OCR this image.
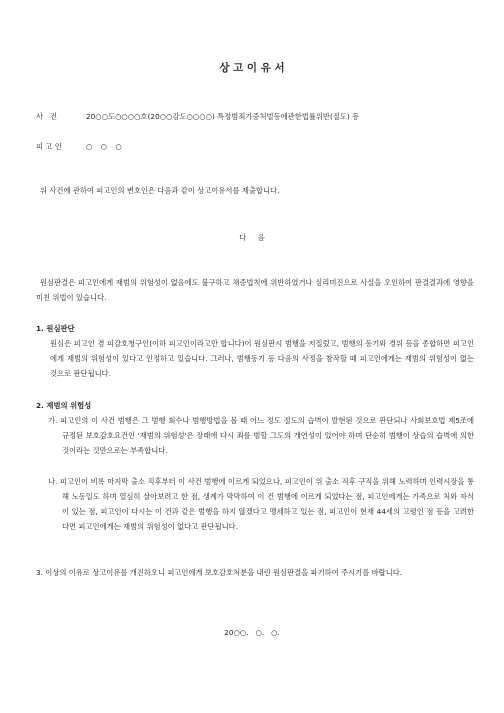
상 고 이 유 서
사   건	20○○도○○○○호(20○○감도○○○○) 특정범죄가중처벌등에관한법률위반(절도) 등
피 고 인	○ ○ ○
위 사건에 관하여 피고인의 변호인은 다음과 같이 상고이유서를 제출합니다.
다     음
원심판결은 피고인에게 재범의 위험성이 없음에도 불구하고 채증법칙에 위반하였거나 심리미진으로 사실을 오인하여 판결결과에 영향을 미친 위법이 있습니다.
1. 원심판단
원심은 피고인 겸 피감호청구인(이하 피고인이라고만 합니다)이 원심판시 범행을 저질렀고, 범행의 동기와 경위 등을 종합하면 피고인에게 재범의 위험성이 있다고 인정하고 있습니다. 그러나, 범행동기 등 다음의 사정을 참작할 때 피고인에게는 재범의 위험성이 없는 것으로 판단됩니다.
2. 재범의 위험성
가. 피고인의 이 사건 범행은 그 범행 회수나 범행방법을 볼 때 어느 정도 절도의 습벽이 발현된 것으로 판단되나 사회보호법 제5조에 규정된 보호감호요건인 '재범의 위험성'은 장래에 다시 죄를 범할 그도의 개연성이 있어야 하며 단순히 범행이 상습의 습벽에 의한 것이라는 것만으로는 부족합니다.
나. 피고인이 비록 마지막 출소 직후부터 이 사건 범행에 이르게 되었으나, 피고인이 위 출소 직후 구직을 위해 노력하며 인력시장을 통해 노동일도 하며 열심히 살아보려고 한 점, 생계가 막막하여 이 건 범행에 이르게 되었다는 점, 피고인에게는 가족으로 처와 자식이 있는 점, 피고인이 다시는 이 건과 같은 범행을 하지 않겠다고 맹세하고 있는 점, 피고인이 현재 44세의 고령인 점 등을 고려한다면 피고인에게는 재범의 위험성이 없다고 판단됩니다.
3. 이상의 이유로 상고이유를 개진하오니 피고인에게 보호감호처분을 내린 원심판결을 파기하여 주시기를 바랍니다.
20○○.   ○.   ○.
